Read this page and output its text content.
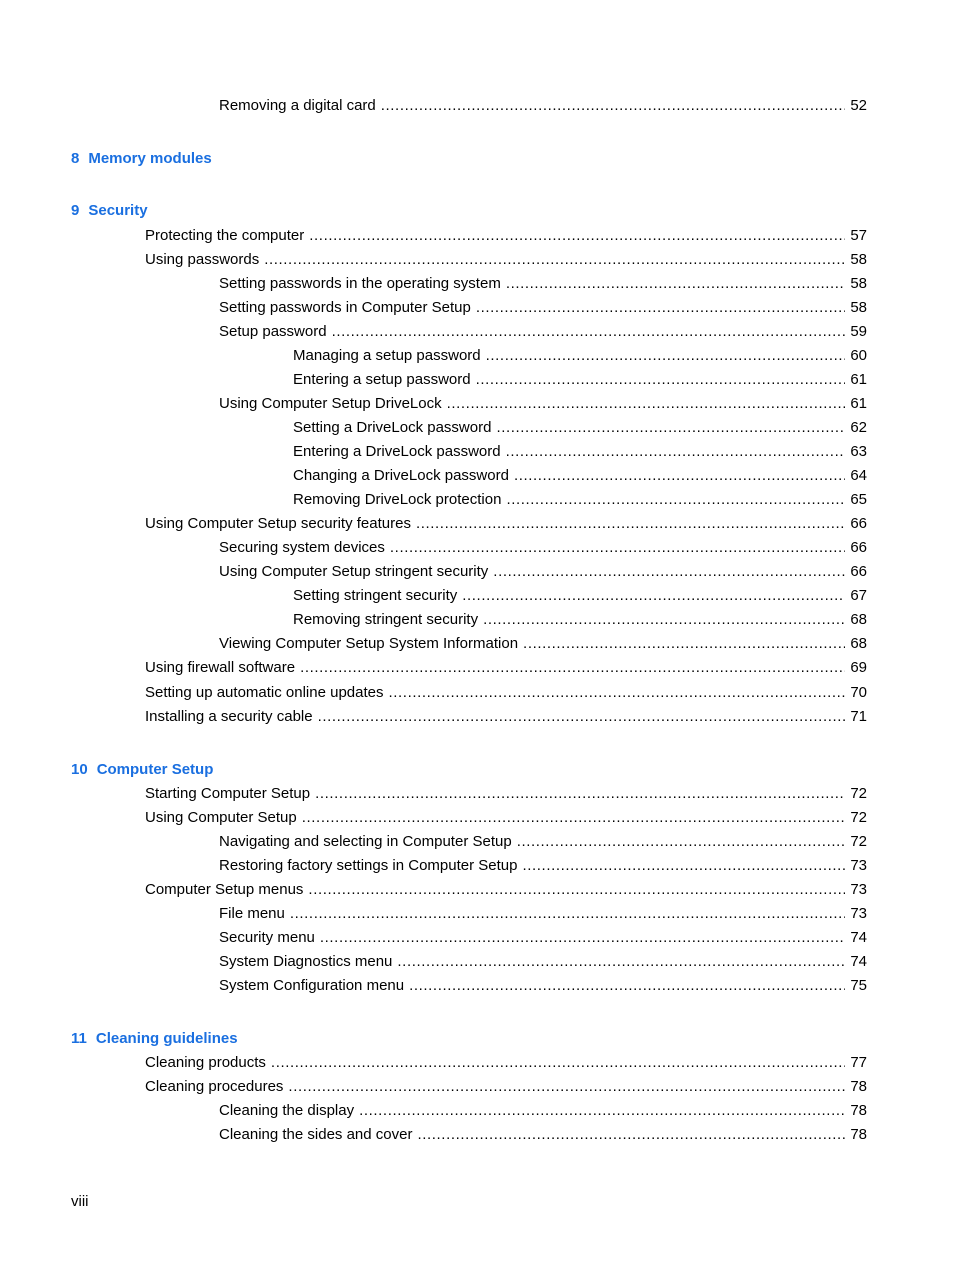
Removing a digital card .....	52
8 Memory modules
9 Security
Protecting the computer .....	57
Using passwords .....	58
Setting passwords in the operating system .....	58
Setting passwords in Computer Setup .....	58
Setup password .....	59
Managing a setup password .....	60
Entering a setup password .....	61
Using Computer Setup DriveLock .....	61
Setting a DriveLock password .....	62
Entering a DriveLock password .....	63
Changing a DriveLock password .....	64
Removing DriveLock protection .....	65
Using Computer Setup security features .....	66
Securing system devices .....	66
Using Computer Setup stringent security .....	66
Setting stringent security .....	67
Removing stringent security .....	68
Viewing Computer Setup System Information .....	68
Using firewall software .....	69
Setting up automatic online updates .....	70
Installing a security cable .....	71
10 Computer Setup
Starting Computer Setup .....	72
Using Computer Setup .....	72
Navigating and selecting in Computer Setup .....	72
Restoring factory settings in Computer Setup .....	73
Computer Setup menus .....	73
File menu .....	73
Security menu .....	74
System Diagnostics menu .....	74
System Configuration menu .....	75
11 Cleaning guidelines
Cleaning products .....	77
Cleaning procedures .....	78
Cleaning the display .....	78
Cleaning the sides and cover .....	78
viii
